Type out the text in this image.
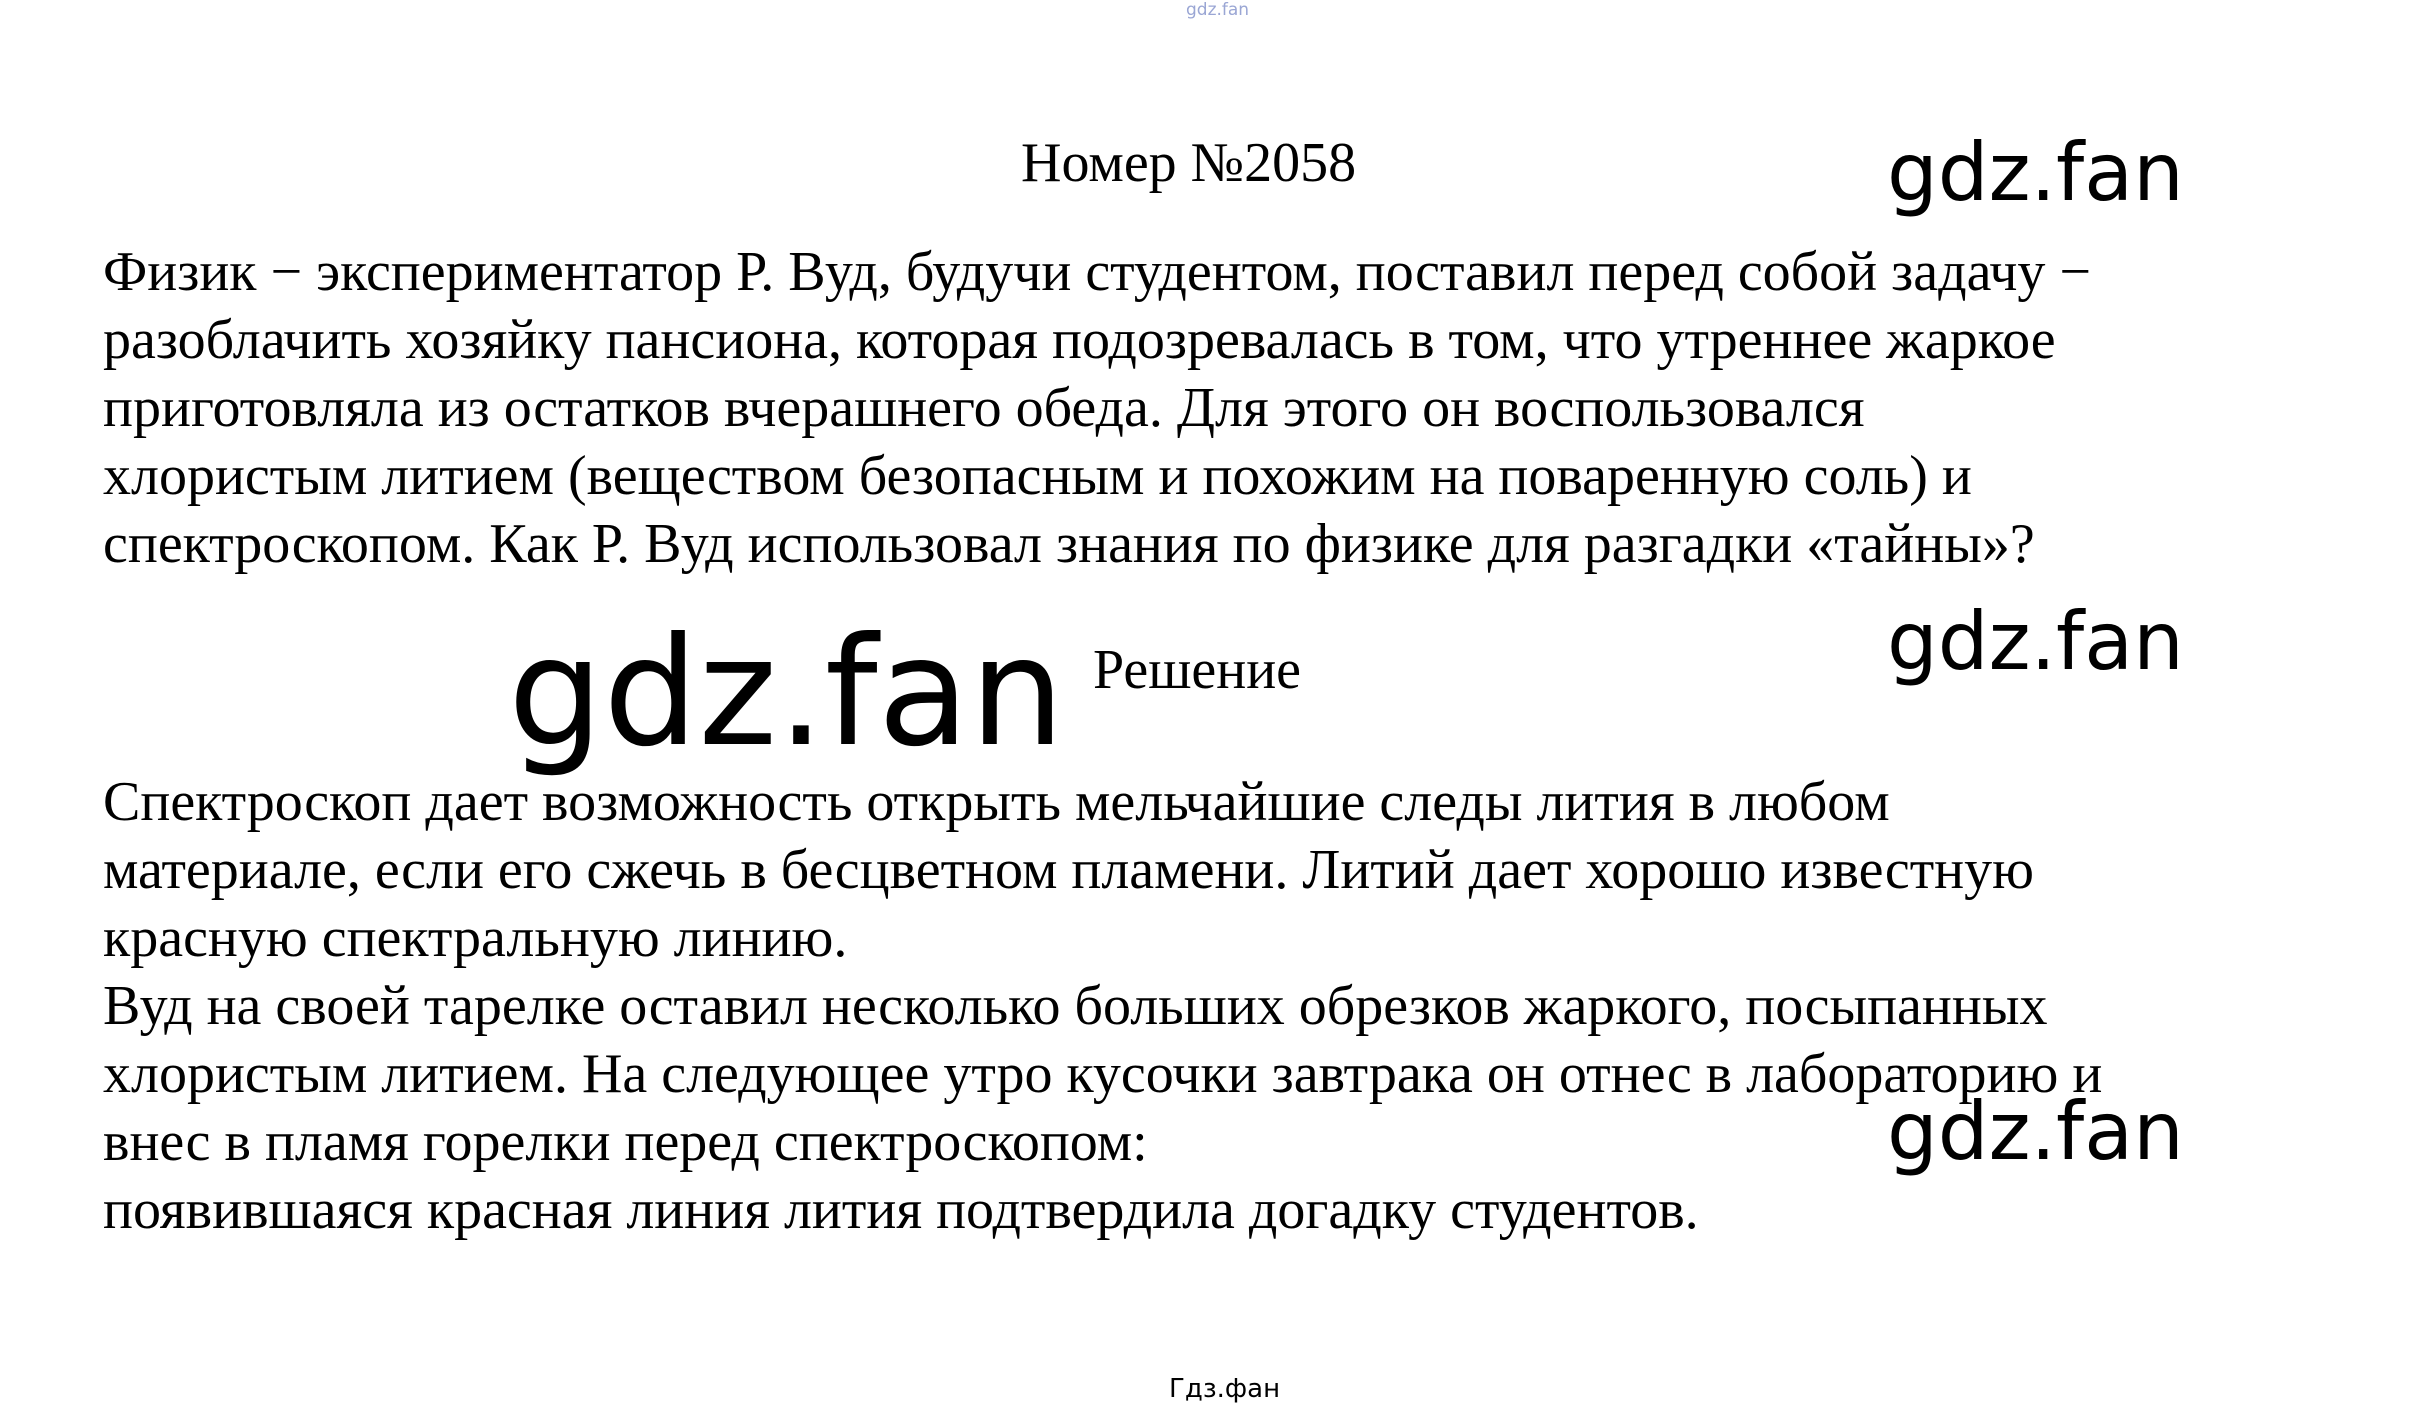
gdz.fan
Номер №2058	gdz.fan
Физик − экспериментатор Р. Вуд, будучи студентом, поставил перед собой задачу −
разоблачить хозяйку пансиона, которая подозревалась в том, что утреннее жаркое
приготовляла из остатков вчерашнего обеда. Для этого он воспользовался
хлористым литием (веществом безопасным и похожим на поваренную соль) и
спектроскопом. Как Р. Вуд использовал знания по физике для разгадки «тайны»?
gdz.fan
Решение
Спектроскоп дает возможность открыть мельчайшие следы лития в любом
материале, если его сжечь в бесцветном пламени. Литий дает хорошо известную
красную спектральную линию.
Вуд на своей тарелке оставил несколько больших обрезков жаркого, посыпанных
хлористым литием. На следующее утро кусочки завтрака он отнес в лабораторию и
внес в пламя горелки перед спектроскопом:
появившаяся красная линия лития подтвердила догадку студентов.
gdz.fan
gdz.fan
Гдз.фан
